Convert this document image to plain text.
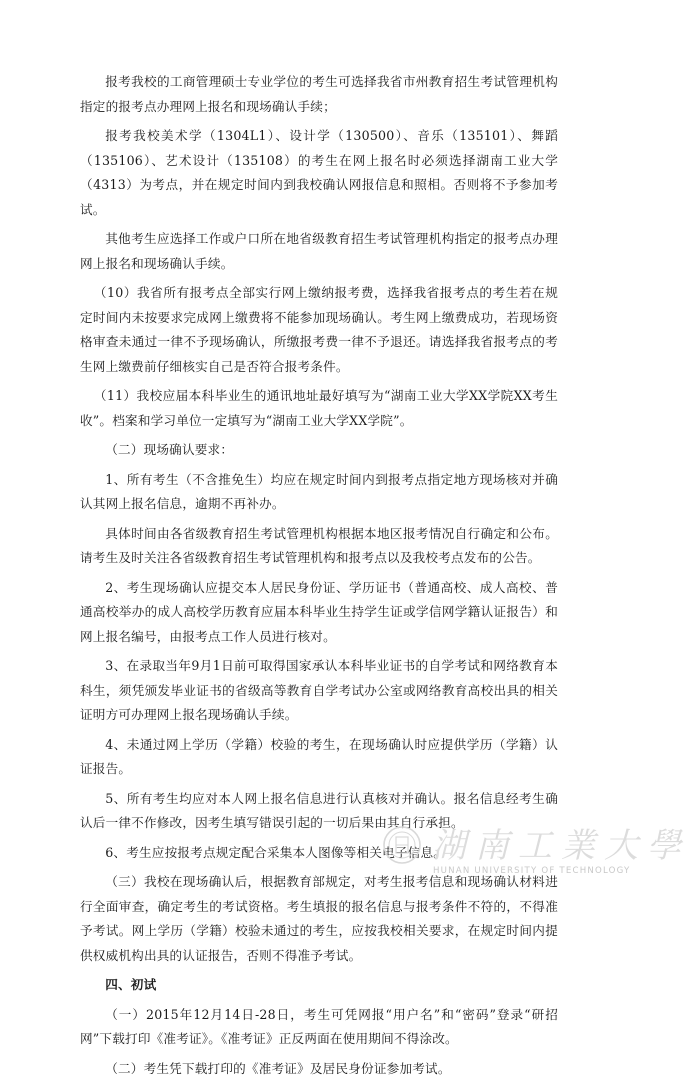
报考我校的工商管理硕士专业学位的考生可选择我省市州教育招生考试管理机构指定的报考点办理网上报名和现场确认手续；

报考我校美术学（1304L1）、设计学（130500）、音乐（135101）、舞蹈（135106）、艺术设计（135108）的考生在网上报名时必须选择湖南工业大学（4313）为考点，并在规定时间内到我校确认网报信息和照相。否则将不予参加考试。

其他考生应选择工作或户口所在地省级教育招生考试管理机构指定的报考点办理网上报名和现场确认手续。

（10）我省所有报考点全部实行网上缴纳报考费，选择我省报考点的考生若在规定时间内未按要求完成网上缴费将不能参加现场确认。考生网上缴费成功，若现场资格审查未通过一律不予现场确认，所缴报考费一律不予退还。请选择我省报考点的考生网上缴费前仔细核实自己是否符合报考条件。

（11）我校应届本科毕业生的通讯地址最好填写为“湖南工业大学XX学院XX考生收”。档案和学习单位一定填写为“湖南工业大学XX学院”。

（二）现场确认要求：

1、所有考生（不含推免生）均应在规定时间内到报考点指定地方现场核对并确认其网上报名信息，逾期不再补办。

具体时间由各省级教育招生考试管理机构根据本地区报考情况自行确定和公布。请考生及时关注各省级教育招生考试管理机构和报考点以及我校考点发布的公告。

2、考生现场确认应提交本人居民身份证、学历证书（普通高校、成人高校、普通高校举办的成人高校学历教育应届本科毕业生持学生证或学信网学籍认证报告）和网上报名编号，由报考点工作人员进行核对。

3、在录取当年9月1日前可取得国家承认本科毕业证书的自学考试和网络教育本科生，须凭颁发毕业证书的省级高等教育自学考试办公室或网络教育高校出具的相关证明方可办理网上报名现场确认手续。

4、未通过网上学历（学籍）校验的考生，在现场确认时应提供学历（学籍）认证报告。

5、所有考生均应对本人网上报名信息进行认真核对并确认。报名信息经考生确认后一律不作修改，因考生填写错误引起的一切后果由其自行承担。

6、考生应按报考点规定配合采集本人图像等相关电子信息。

（三）我校在现场确认后，根据教育部规定，对考生报考信息和现场确认材料进行全面审查，确定考生的考试资格。考生填报的报名信息与报考条件不符的，不得准予考试。网上学历（学籍）校验未通过的考生，应按我校相关要求，在规定时间内提供权威机构出具的认证报告，否则不得准予考试。

四、初试

（一）2015年12月14日-28日，考生可凭网报“用户名”和“密码”登录“研招网”下载打印《准考证》。《准考证》正反两面在使用期间不得涂改。

（二）考生凭下载打印的《准考证》及居民身份证参加考试。

湖南工業大學
HUNAN UNIVERSITY OF TECHNOLOGY
